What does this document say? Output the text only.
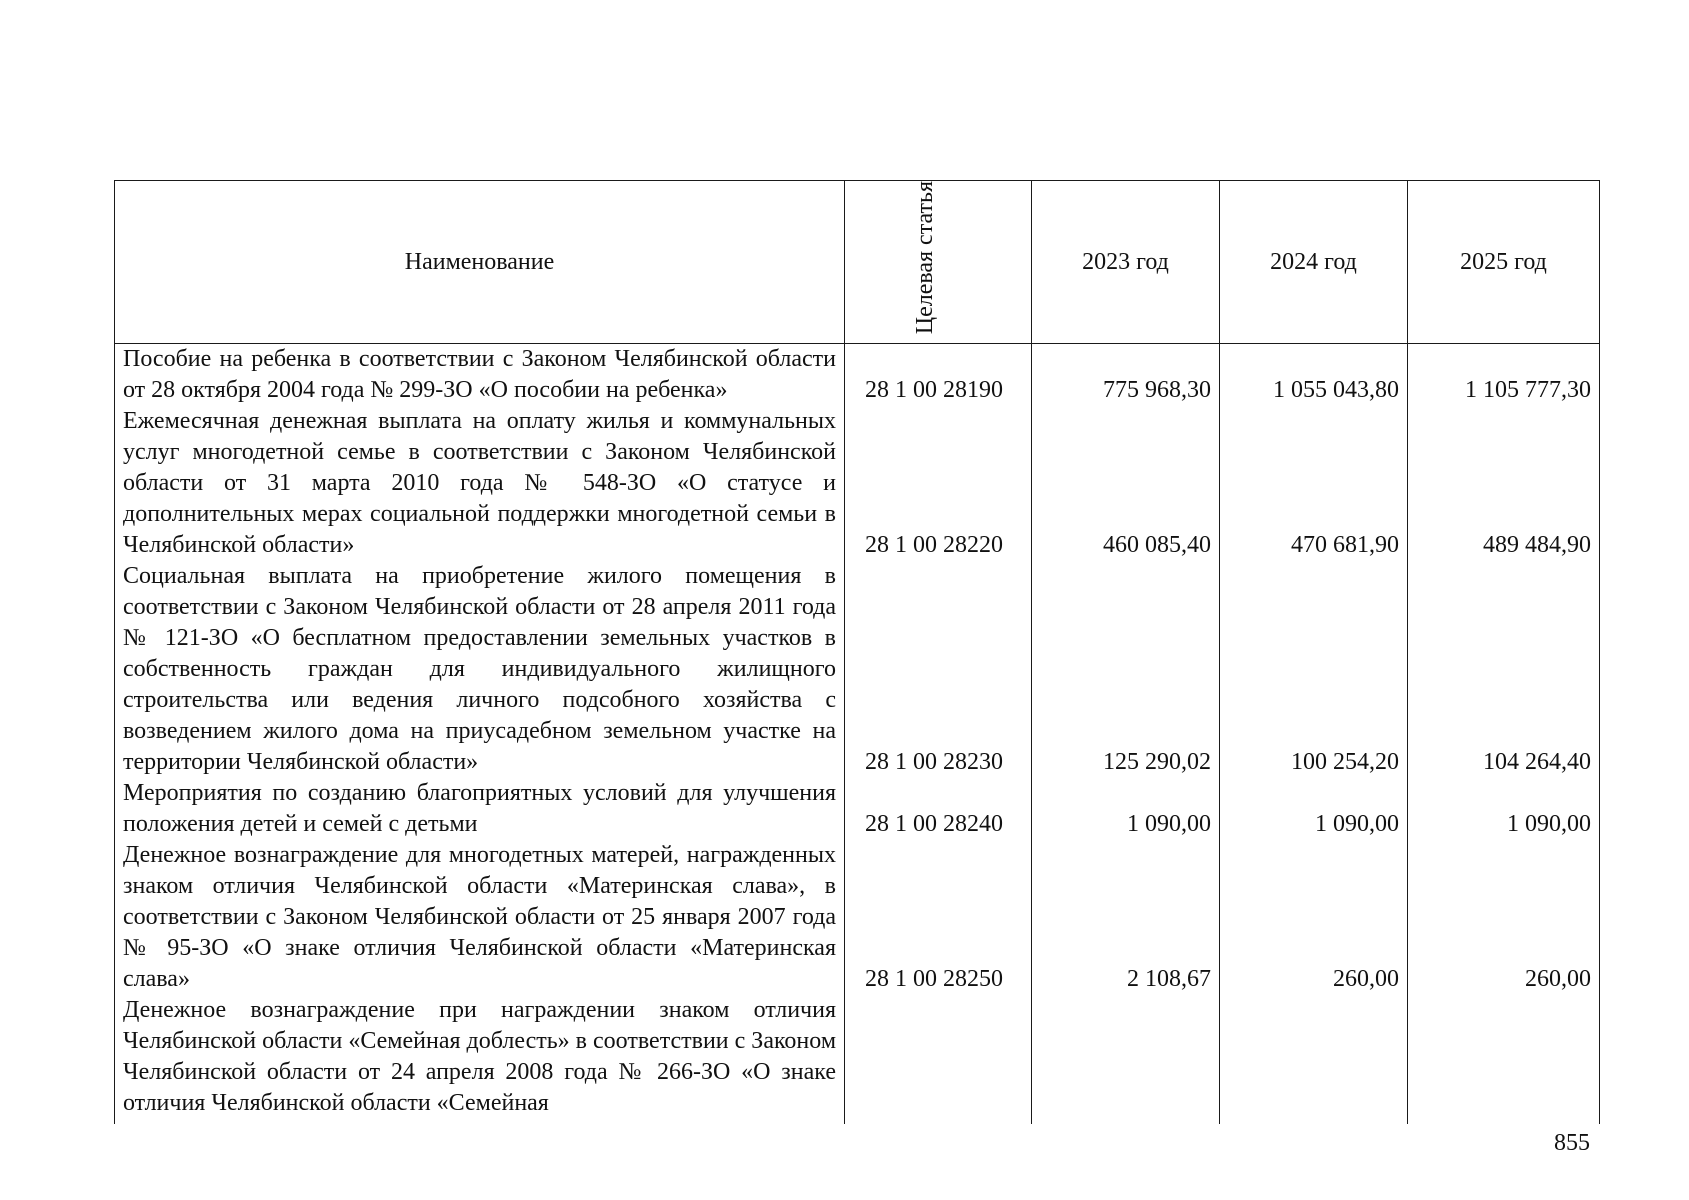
Наименование	Целевая статья	2023 год	2024 год	2025 год
Пособие на ребенка в соответствии с Законом Челябинской области от 28 октября 2004 года № 299-ЗО «О пособии на ребенка»	28 1 00 28190	775 968,30	1 055 043,80	1 105 777,30
Ежемесячная денежная выплата на оплату жилья и коммунальных услуг многодетной семье в соответствии с Законом Челябинской области от 31 марта 2010 года № 548-ЗО «О статусе и дополнительных мерах социальной поддержки многодетной семьи в Челябинской области»	28 1 00 28220	460 085,40	470 681,90	489 484,90
Социальная выплата на приобретение жилого помещения в соответствии с Законом Челябинской области от 28 апреля 2011 года № 121-ЗО «О бесплатном предоставлении земельных участков в собственность граждан для индивидуального жилищного строительства или ведения личного подсобного хозяйства с возведением жилого дома на приусадебном земельном участке на территории Челябинской области»	28 1 00 28230	125 290,02	100 254,20	104 264,40
Мероприятия по созданию благоприятных условий для улучшения положения детей и семей с детьми	28 1 00 28240	1 090,00	1 090,00	1 090,00
Денежное вознаграждение для многодетных матерей, награжденных знаком отличия Челябинской области «Материнская слава», в соответствии с Законом Челябинской области от 25 января 2007 года № 95-ЗО «О знаке отличия Челябинской области «Материнская слава»	28 1 00 28250	2 108,67	260,00	260,00
Денежное вознаграждение при награждении знаком отличия Челябинской области «Семейная доблесть» в соответствии с Законом Челябинской области от 24 апреля 2008 года № 266-ЗО «О знаке отличия Челябинской области «Семейная				
855
